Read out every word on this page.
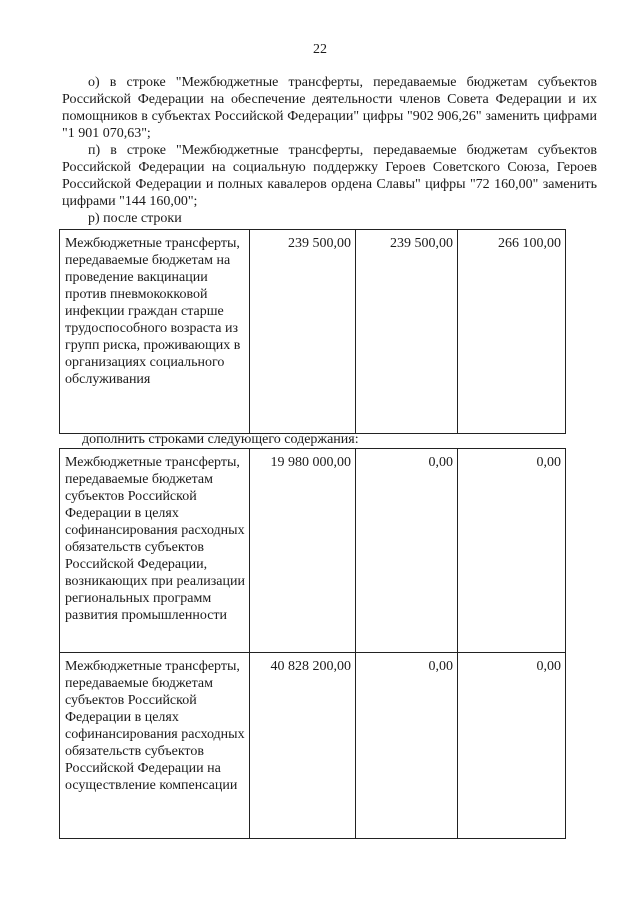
22
о) в строке "Межбюджетные трансферты, передаваемые бюджетам субъектов Российской Федерации на обеспечение деятельности членов Совета Федерации и их помощников в субъектах Российской Федерации" цифры "902 906,26" заменить цифрами "1 901 070,63";
п) в строке "Межбюджетные трансферты, передаваемые бюджетам субъектов Российской Федерации на социальную поддержку Героев Советского Союза, Героев Российской Федерации и полных кавалеров ордена Славы" цифры "72 160,00" заменить цифрами "144 160,00";
р) после строки
Межбюджетные трансферты, передаваемые бюджетам на проведение вакцинации против пневмококковой инфекции граждан старше трудоспособного возраста из групп риска, проживающих в организациях социального обслуживания	239 500,00	239 500,00	266 100,00
дополнить строками следующего содержания:
Межбюджетные трансферты, передаваемые бюджетам субъектов Российской Федерации в целях софинансирования расходных обязательств субъектов Российской Федерации, возникающих при реализации региональных программ развития промышленности	19 980 000,00	0,00	0,00
Межбюджетные трансферты, передаваемые бюджетам субъектов Российской Федерации в целях софинансирования расходных обязательств субъектов Российской Федерации на осуществление компенсации	40 828 200,00	0,00	0,00
